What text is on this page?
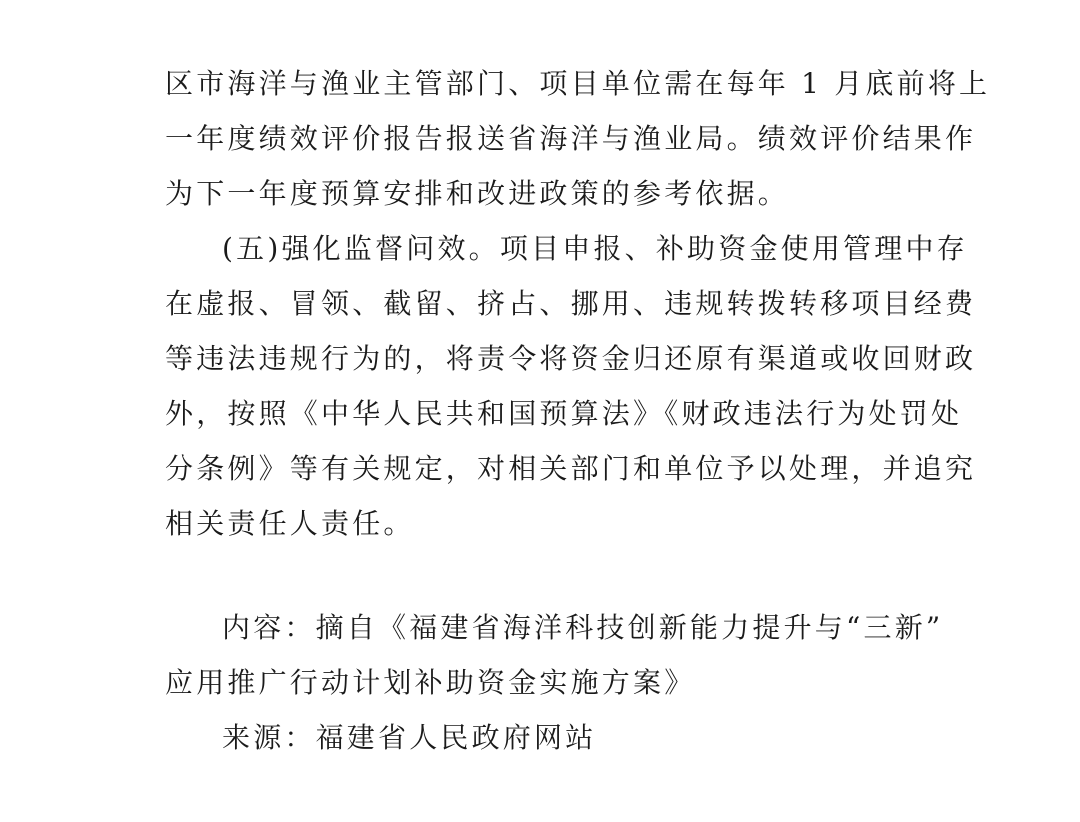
区市海洋与渔业主管部门、项目单位需在每年 1 月底前将上
一年度绩效评价报告报送省海洋与渔业局。绩效评价结果作
为下一年度预算安排和改进政策的参考依据。
(五)强化监督问效。项目申报、补助资金使用管理中存
在虚报、冒领、截留、挤占、挪用、违规转拨转移项目经费
等违法违规行为的，将责令将资金归还原有渠道或收回财政
外，按照《中华人民共和国预算法》《财政违法行为处罚处
分条例》等有关规定，对相关部门和单位予以处理，并追究
相关责任人责任。
内容：摘自《福建省海洋科技创新能力提升与“三新”
应用推广行动计划补助资金实施方案》
来源：福建省人民政府网站
